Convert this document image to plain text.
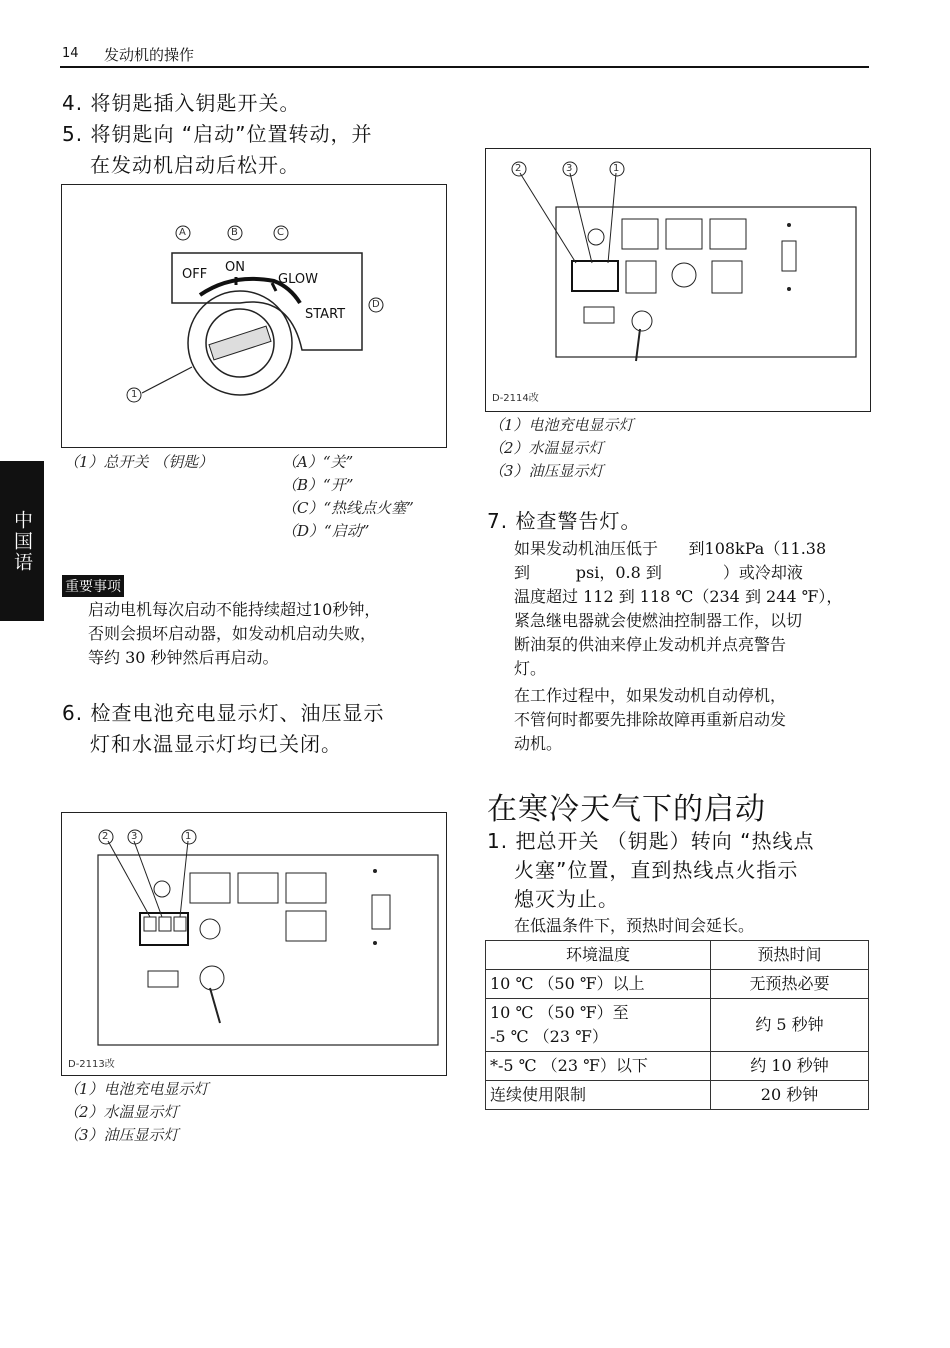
14 发动机的操作
中国语
4. 将钥匙插入钥匙开关。
5. 将钥匙向 “启动”位置转动，并
在发动机启动后松开。
A	B	C
D
1
OFF ON
GLOW
START
（1）总开关 （钥匙）	（A）“关”
（B）“开”
（C）“热线点火塞”
（D）“启动”
重要事项
启动电机每次启动不能持续超过10秒钟，
否则会损坏启动器，如发动机启动失败，
等约 30 秒钟然后再启动。
6. 检查电池充电显示灯、油压显示
灯和水温显示灯均已关闭。
2 3	1
D-2113改
（1）电池充电显示灯
（2）水温显示灯
（3）油压显示灯
2	3	1
D-2114改
（1）电池充电显示灯
（2）水温显示灯
（3）油压显示灯
7. 检查警告灯。
如果发动机油压低于      到108kPa（11.38
到         psi，0.8 到            ）或冷却液
温度超过 112 到 118 ℃（234 到 244 ℉），
紧急继电器就会使燃油控制器工作，以切
断油泵的供油来停止发动机并点亮警告
灯。
在工作过程中，如果发动机自动停机，
不管何时都要先排除故障再重新启动发
动机。
在寒冷天气下的启动
1. 把总开关 （钥匙）转向 “热线点
火塞”位置，直到热线点火指示
熄灭为止。
在低温条件下，预热时间会延长。
环境温度	预热时间
10 ℃ （50 ℉）以上	无预热必要
10 ℃ （50 ℉）至
-5 ℃ （23 ℉）	约 5 秒钟
*-5 ℃ （23 ℉）以下	约 10 秒钟
连续使用限制	20 秒钟
